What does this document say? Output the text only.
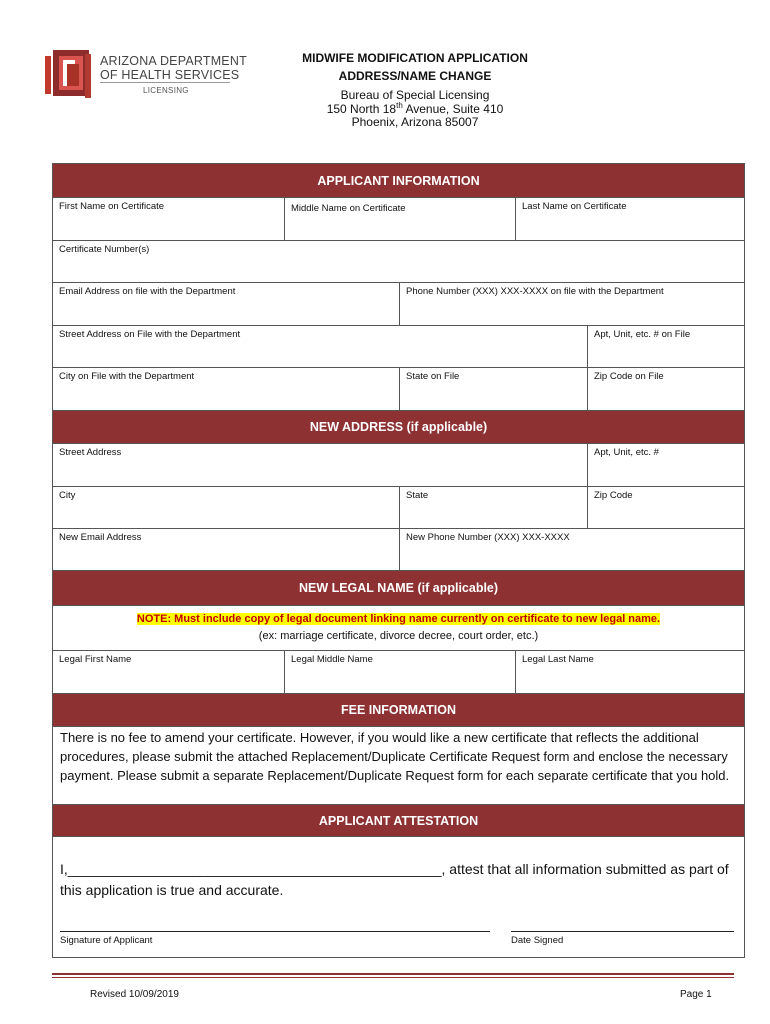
ARIZONA DEPARTMENT
OF HEALTH SERVICES
LICENSING
MIDWIFE MODIFICATION APPLICATION
ADDRESS/NAME CHANGE
Bureau of Special Licensing
150 North 18th Avenue, Suite 410
Phoenix, Arizona 85007
APPLICANT INFORMATION
First Name on Certificate	Middle Name on Certificate	Last Name on Certificate
Certificate Number(s)
Email Address on file with the Department	Phone Number (XXX) XXX-XXXX on file with the Department
Street Address on File with the Department	Apt, Unit, etc. # on File
City on File with the Department	State on File	Zip Code on File
NEW ADDRESS (if applicable)
Street Address	Apt, Unit, etc. #
City	State	Zip Code
New Email Address	New Phone Number (XXX) XXX-XXXX
NEW LEGAL NAME (if applicable)
NOTE: Must include copy of legal document linking name currently on certificate to new legal name.
(ex: marriage certificate, divorce decree, court order, etc.)
Legal First Name	Legal Middle Name	Legal Last Name
FEE INFORMATION
There is no fee to amend your certificate. However, if you would like a new certificate that reflects the additional procedures, please submit the attached Replacement/Duplicate Certificate Request form and enclose the necessary payment. Please submit a separate Replacement/Duplicate Request form for each separate certificate that you hold.
APPLICANT ATTESTATION
I,________________________________________________, attest that all information submitted as part of this application is true and accurate.
Signature of Applicant	Date Signed
Revised 10/09/2019	Page 1
